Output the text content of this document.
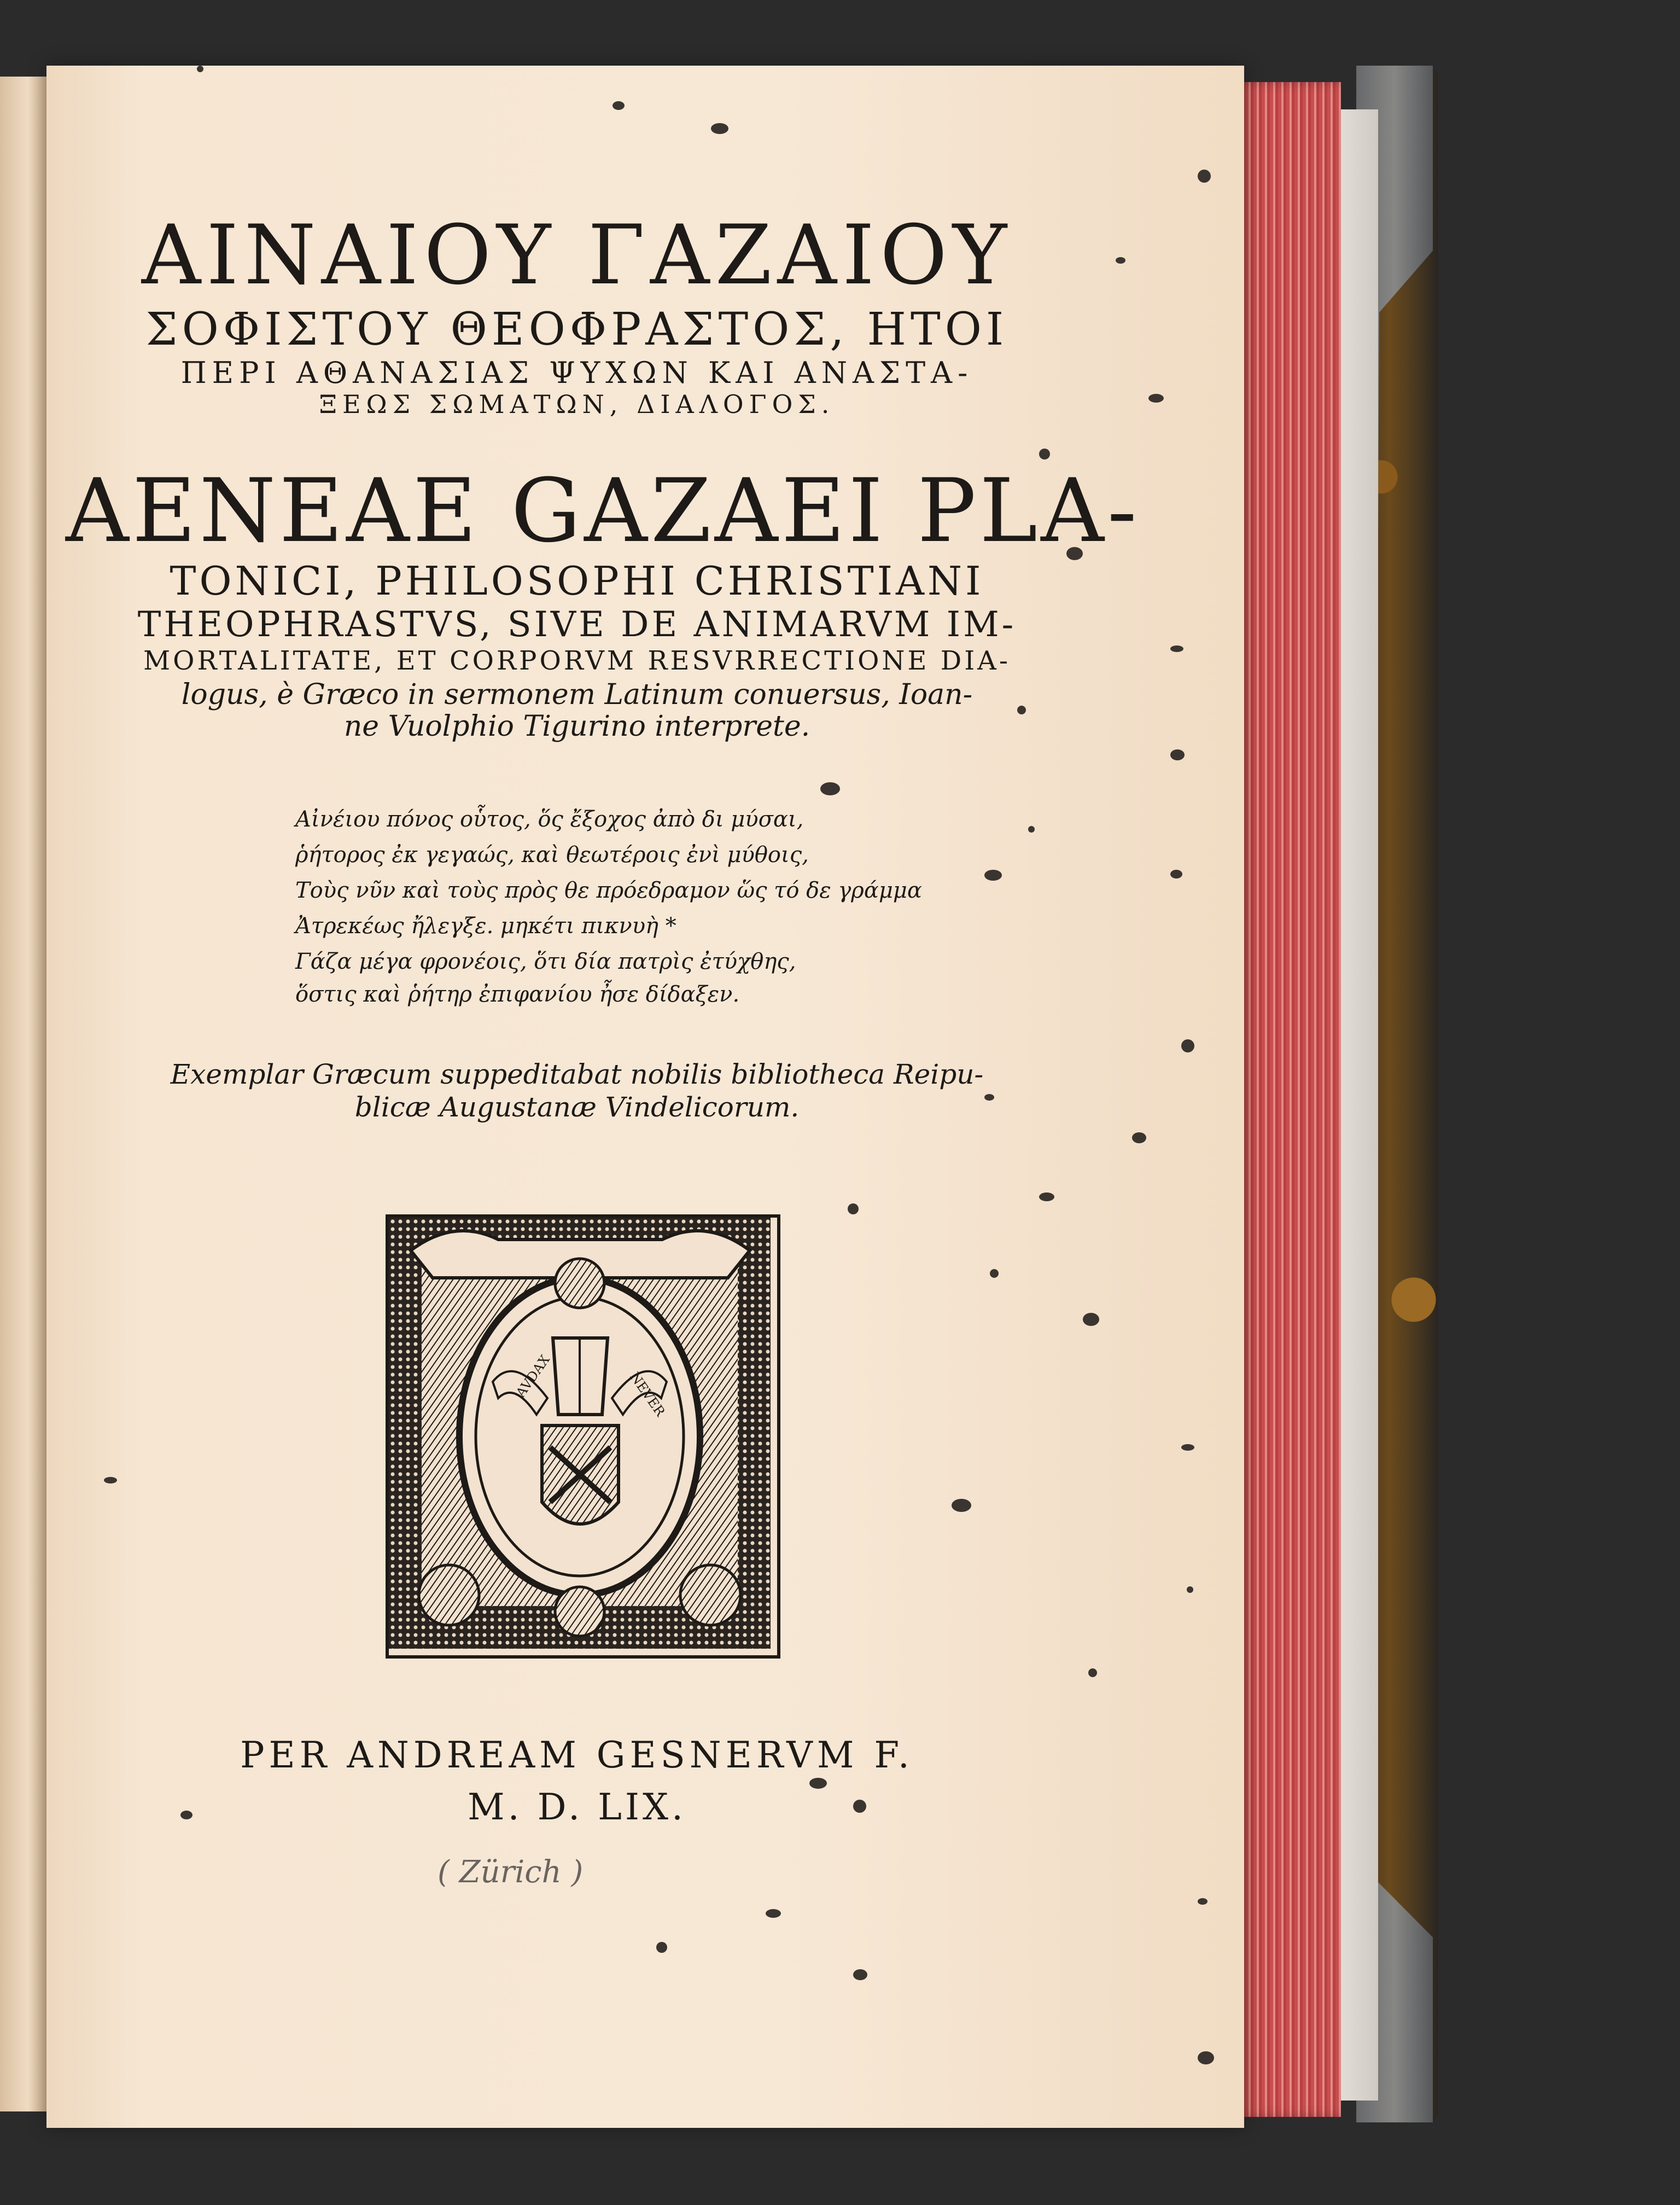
ΑΙΝΑΙΟΥ ΓΑΖΑΙΟΥ
ΣΟΦΙΣΤΟΥ ΘΕΟΦΡΑΣΤΟΣ, ΗΤΟΙ
ΠΕΡΙ ΑΘΑΝΑΣΙΑΣ ΨΥΧΩΝ ΚΑΙ ΑΝΑΣΤΑ-
ΞΕΩΣ ΣΩΜΑΤΩΝ, ΔΙΑΛΟΓΟΣ.
AENEAE GAZAEI PLA-
TONICI, PHILOSOPHI CHRISTIANI
THEOPHRASTVS, SIVE DE ANIMARVM IM-
MORTALITATE, ET CORPORVM RESVRRECTIONE DIA-
logus, è Græco in sermonem Latinum conuersus, Ioan-
ne Vuolphio Tigurino interprete.
Αἰνέιου πόνος οὗτος, ὅς ἔξοχος ἀπὸ δι μύσαι,
ῥήτορος ἐκ γεγαώς, καὶ θεωτέροις ἐνὶ μύθοις,
Τοὺς νῦν καὶ τοὺς πρὸς θε πρόεδραμον ὥς τό δε γράμμα
Ἀτρεκέως ἤλεγξε. μηκέτι πικνυὴ *
Γάζα μέγα φρονέοις, ὅτι δία πατρὶς ἐτύχθης,
ὅστις καὶ ῥήτηρ ἐπιφανίου ἦσε δίδαξεν.
Exemplar Græcum suppeditabat nobilis bibliotheca Reipu-
blicæ Augustanæ Vindelicorum.
AVDAX	NEVER
PER ANDREAM GESNERVM F.
M. D. LIX.
( Zürich )
